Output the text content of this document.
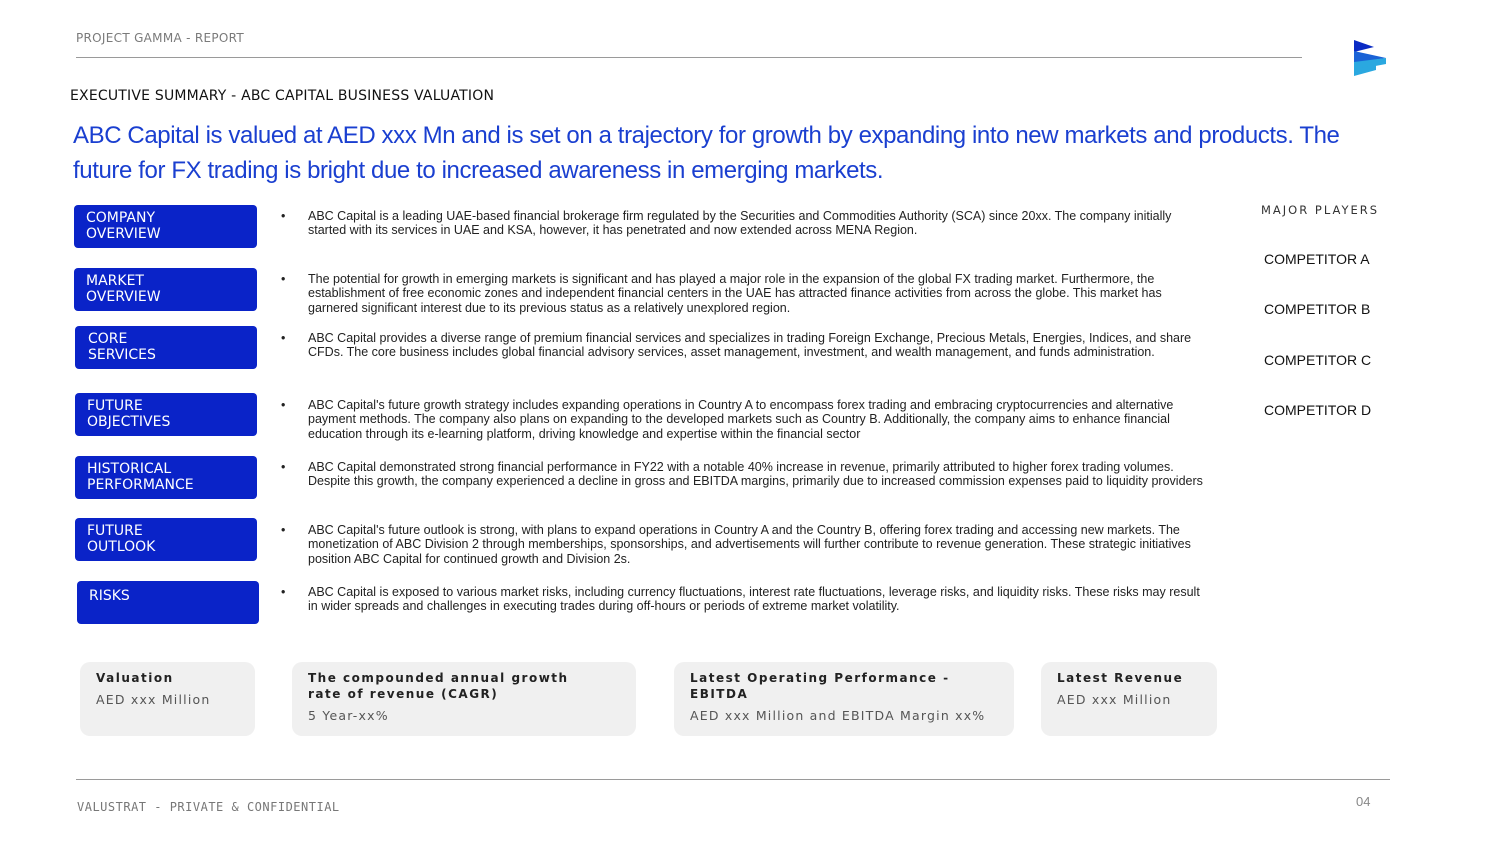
PROJECT GAMMA - REPORT
EXECUTIVE SUMMARY - ABC CAPITAL BUSINESS VALUATION
ABC Capital is valued at AED xxx Mn and is set on a trajectory for growth by expanding into new markets and products. The future for FX trading is bright due to increased awareness in emerging markets.
COMPANY
OVERVIEW
MARKET
OVERVIEW
CORE
SERVICES
FUTURE
OBJECTIVES
HISTORICAL
PERFORMANCE
FUTURE
OUTLOOK
RISKS
• ABC Capital is a leading UAE-based financial brokerage firm regulated by the Securities and Commodities Authority (SCA) since 20xx. The company initially started with its services in UAE and KSA, however, it has penetrated and now extended across MENA Region.
• The potential for growth in emerging markets is significant and has played a major role in the expansion of the global FX trading market. Furthermore, the establishment of free economic zones and independent financial centers in the UAE has attracted finance activities from across the globe. This market has garnered significant interest due to its previous status as a relatively unexplored region.
• ABC Capital provides a diverse range of premium financial services and specializes in trading Foreign Exchange, Precious Metals, Energies, Indices, and share CFDs. The core business includes global financial advisory services, asset management, investment, and wealth management, and funds administration.
• ABC Capital's future growth strategy includes expanding operations in Country A to encompass forex trading and embracing cryptocurrencies and alternative payment methods. The company also plans on expanding to the developed markets such as Country B. Additionally, the company aims to enhance financial education through its e-learning platform, driving knowledge and expertise within the financial sector
• ABC Capital demonstrated strong financial performance in FY22 with a notable 40% increase in revenue, primarily attributed to higher forex trading volumes. Despite this growth, the company experienced a decline in gross and EBITDA margins, primarily due to increased commission expenses paid to liquidity providers
• ABC Capital's future outlook is strong, with plans to expand operations in Country A and the Country B, offering forex trading and accessing new markets. The monetization of ABC Division 2 through memberships, sponsorships, and advertisements will further contribute to revenue generation. These strategic initiatives position ABC Capital for continued growth and Division 2s.
• ABC Capital is exposed to various market risks, including currency fluctuations, interest rate fluctuations, leverage risks, and liquidity risks. These risks may result in wider spreads and challenges in executing trades during off-hours or periods of extreme market volatility.
MAJOR PLAYERS
COMPETITOR A
COMPETITOR B
COMPETITOR C
COMPETITOR D
Valuation
AED xxx Million
The compounded annual growth rate of revenue (CAGR)
5 Year-xx%
Latest Operating Performance - EBITDA
AED xxx Million and EBITDA Margin xx%
Latest Revenue
AED xxx Million
VALUSTRAT - PRIVATE & CONFIDENTIAL	04
